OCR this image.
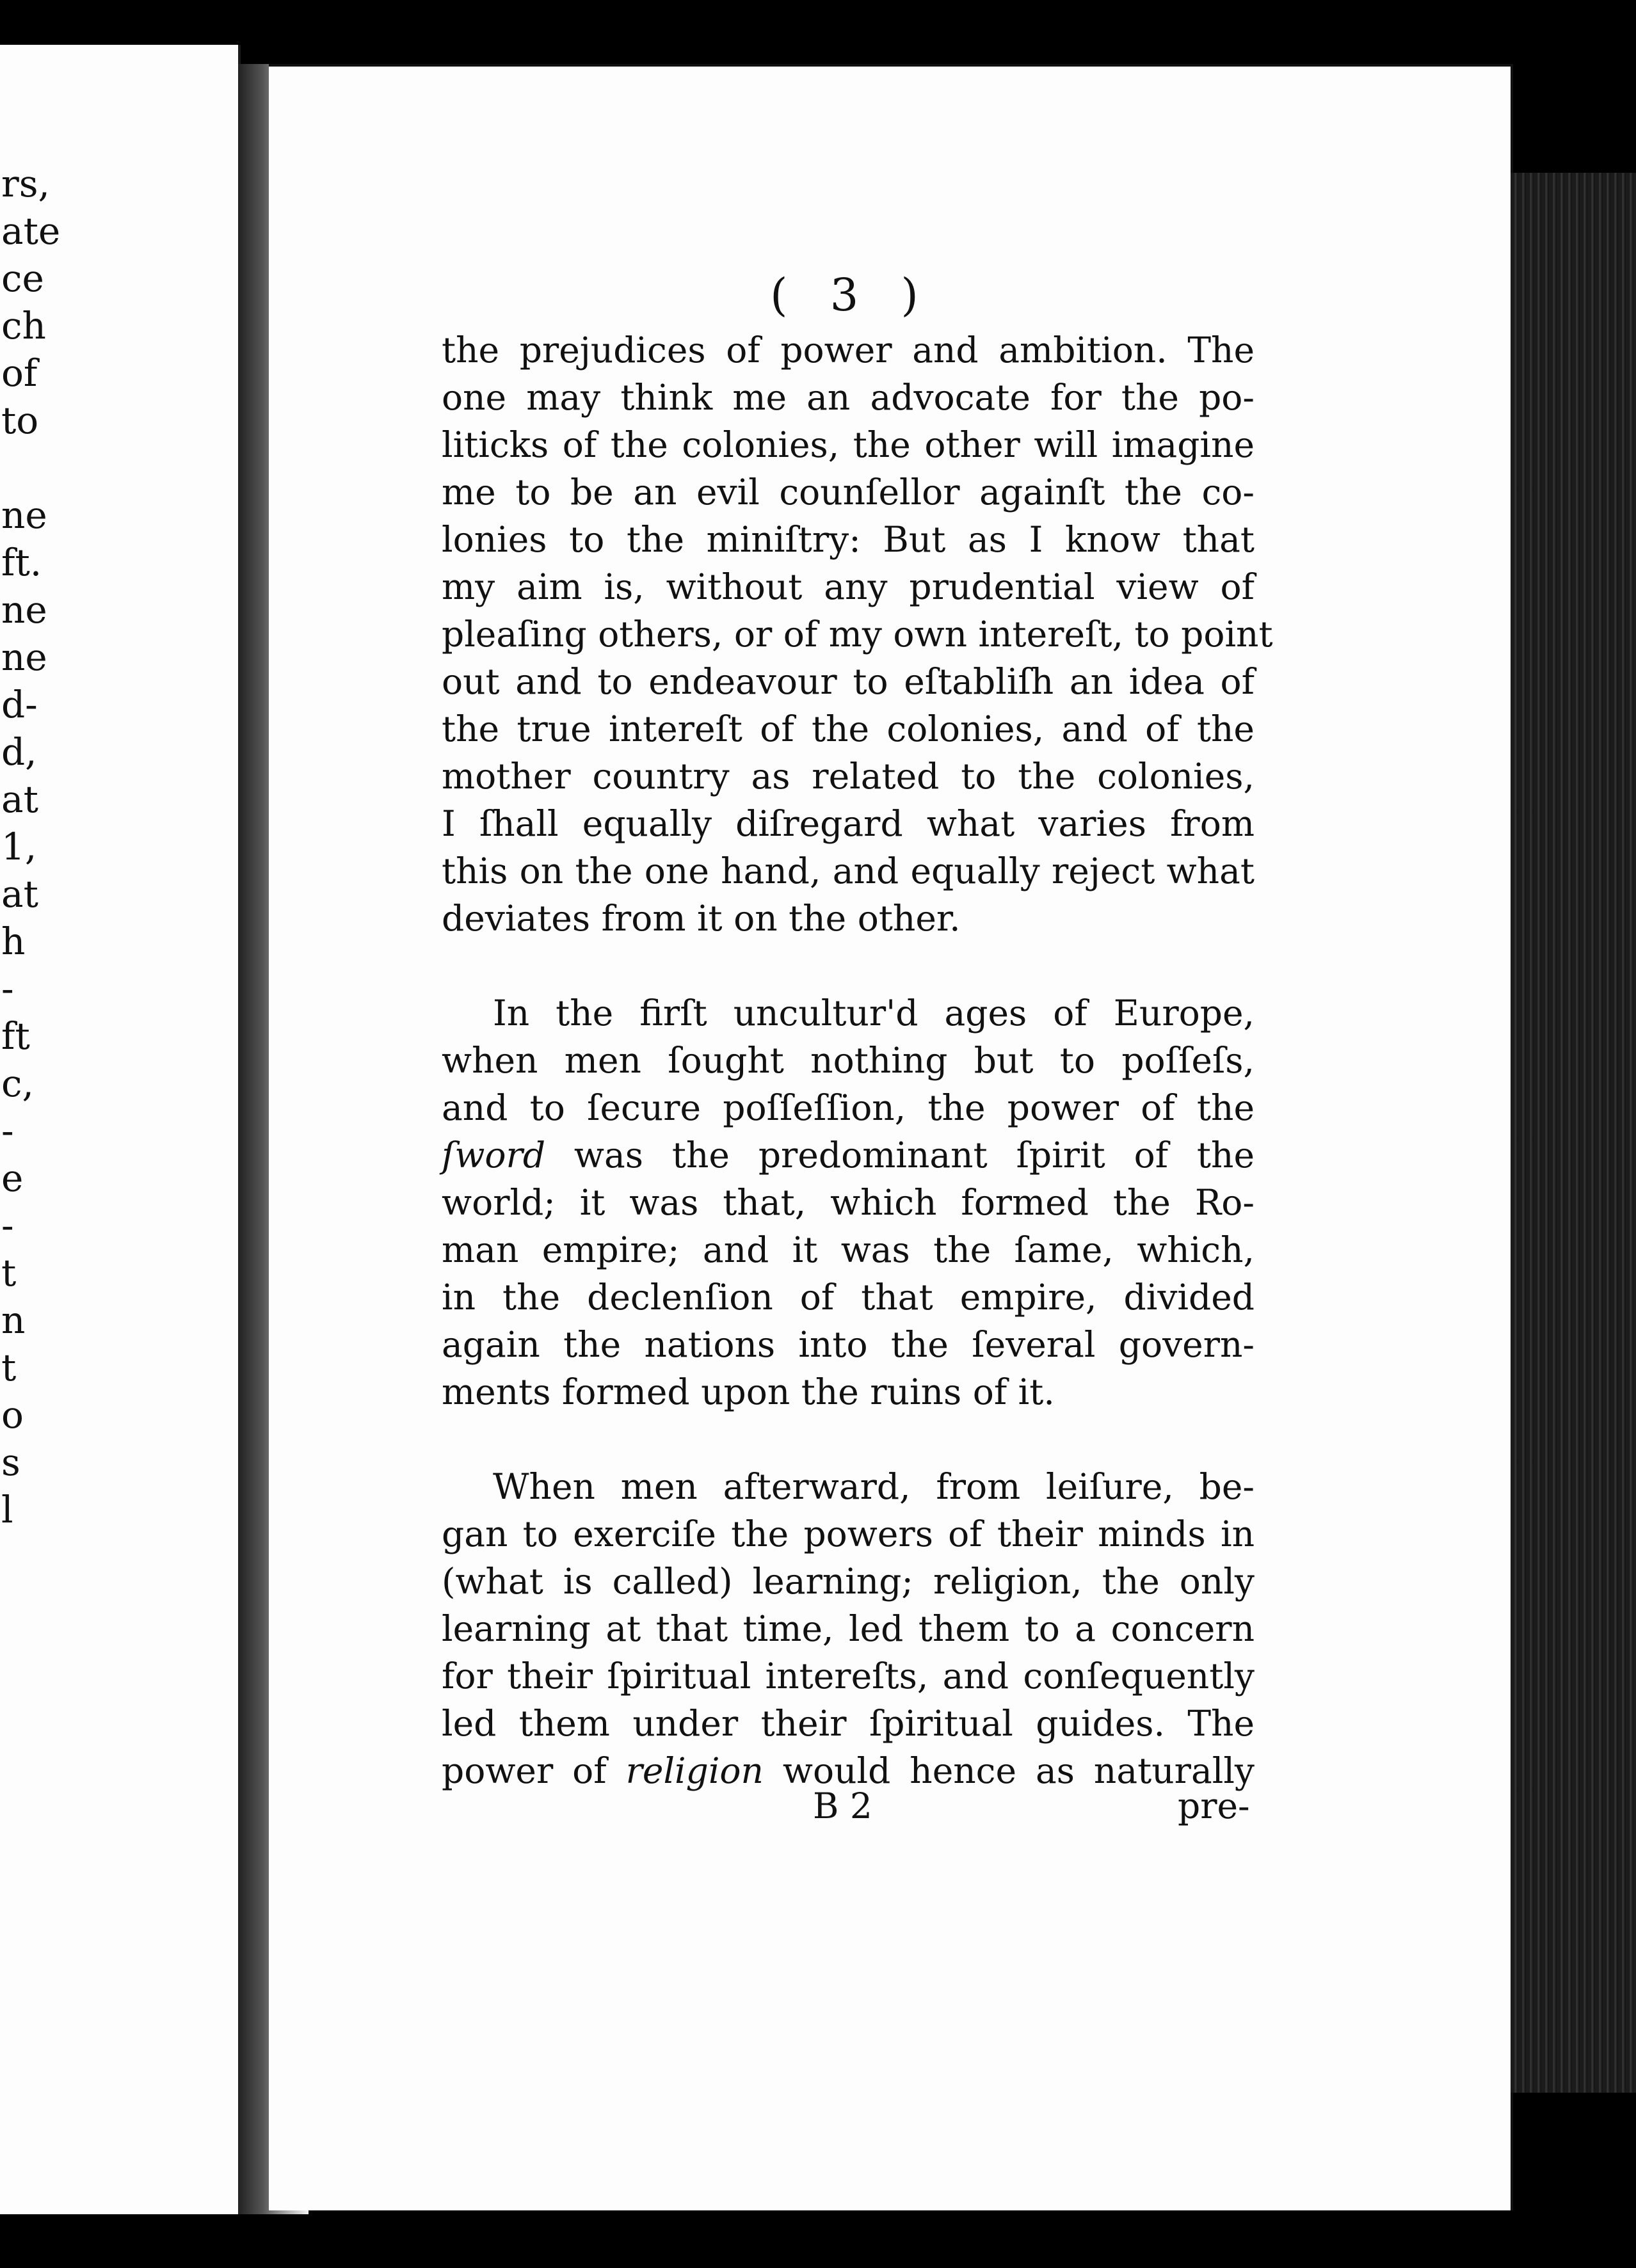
rs,
ate
ce
ch
of
to
ne
ft.
ne
ne
d-
d,
at
1,
at
h
-
ft
c,
-
e
-
t
n
t
o
s
l
( 3 )
the prejudices of power and ambition. The
one may think me an advocate for the po-
liticks of the colonies, the other will imagine
me to be an evil counſellor againſt the co-
lonies to the miniſtry: But as I know that
my aim is, without any prudential view of
pleaſing others, or of my own intereſt, to point
out and to endeavour to eſtabliſh an idea of
the true intereſt of the colonies, and of the
mother country as related to the colonies,
I ſhall equally diſregard what varies from
this on the one hand, and equally reject what
deviates from it on the other.
In the firſt uncultur'd ages of Europe,
when men ſought nothing but to poſſeſs,
and to ſecure poſſeſſion, the power of the
ſword was the predominant ſpirit of the
world; it was that, which formed the Ro-
man empire; and it was the ſame, which,
in the declenſion of that empire, divided
again the nations into the ſeveral govern-
ments formed upon the ruins of it.
When men afterward, from leiſure, be-
gan to exerciſe the powers of their minds in
(what is called) learning; religion, the only
learning at that time, led them to a concern
for their ſpiritual intereſts, and conſequently
led them under their ſpiritual guides. The
power of religion would hence as naturally
B 2	pre-
